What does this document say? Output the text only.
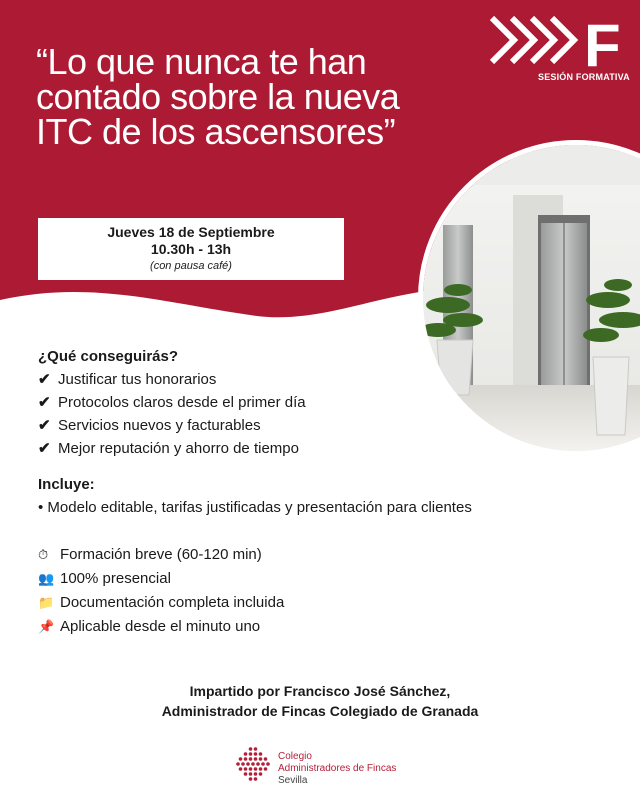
F
SESIÓN FORMATIVA
“Lo que nunca te han contado sobre la nueva ITC de los ascensores”
Jueves 18 de Septiembre
10.30h - 13h
(con pausa café)

¿Qué conseguirás?

✔ Justificar tus honorarios
✔ Protocolos claros desde el primer día
✔ Servicios nuevos y facturables
✔ Mejor reputación y ahorro de tiempo

Incluye:

• Modelo editable, tarifas justificadas y presentación para clientes

⏱ Formación breve (60-120 min)
👥 100% presencial
📁 Documentación completa incluida
📌 Aplicable desde el minuto uno
Impartido por Francisco José Sánchez,
Administrador de Fincas Colegiado de Granada
Colegio
Administradores de Fincas
Sevilla
